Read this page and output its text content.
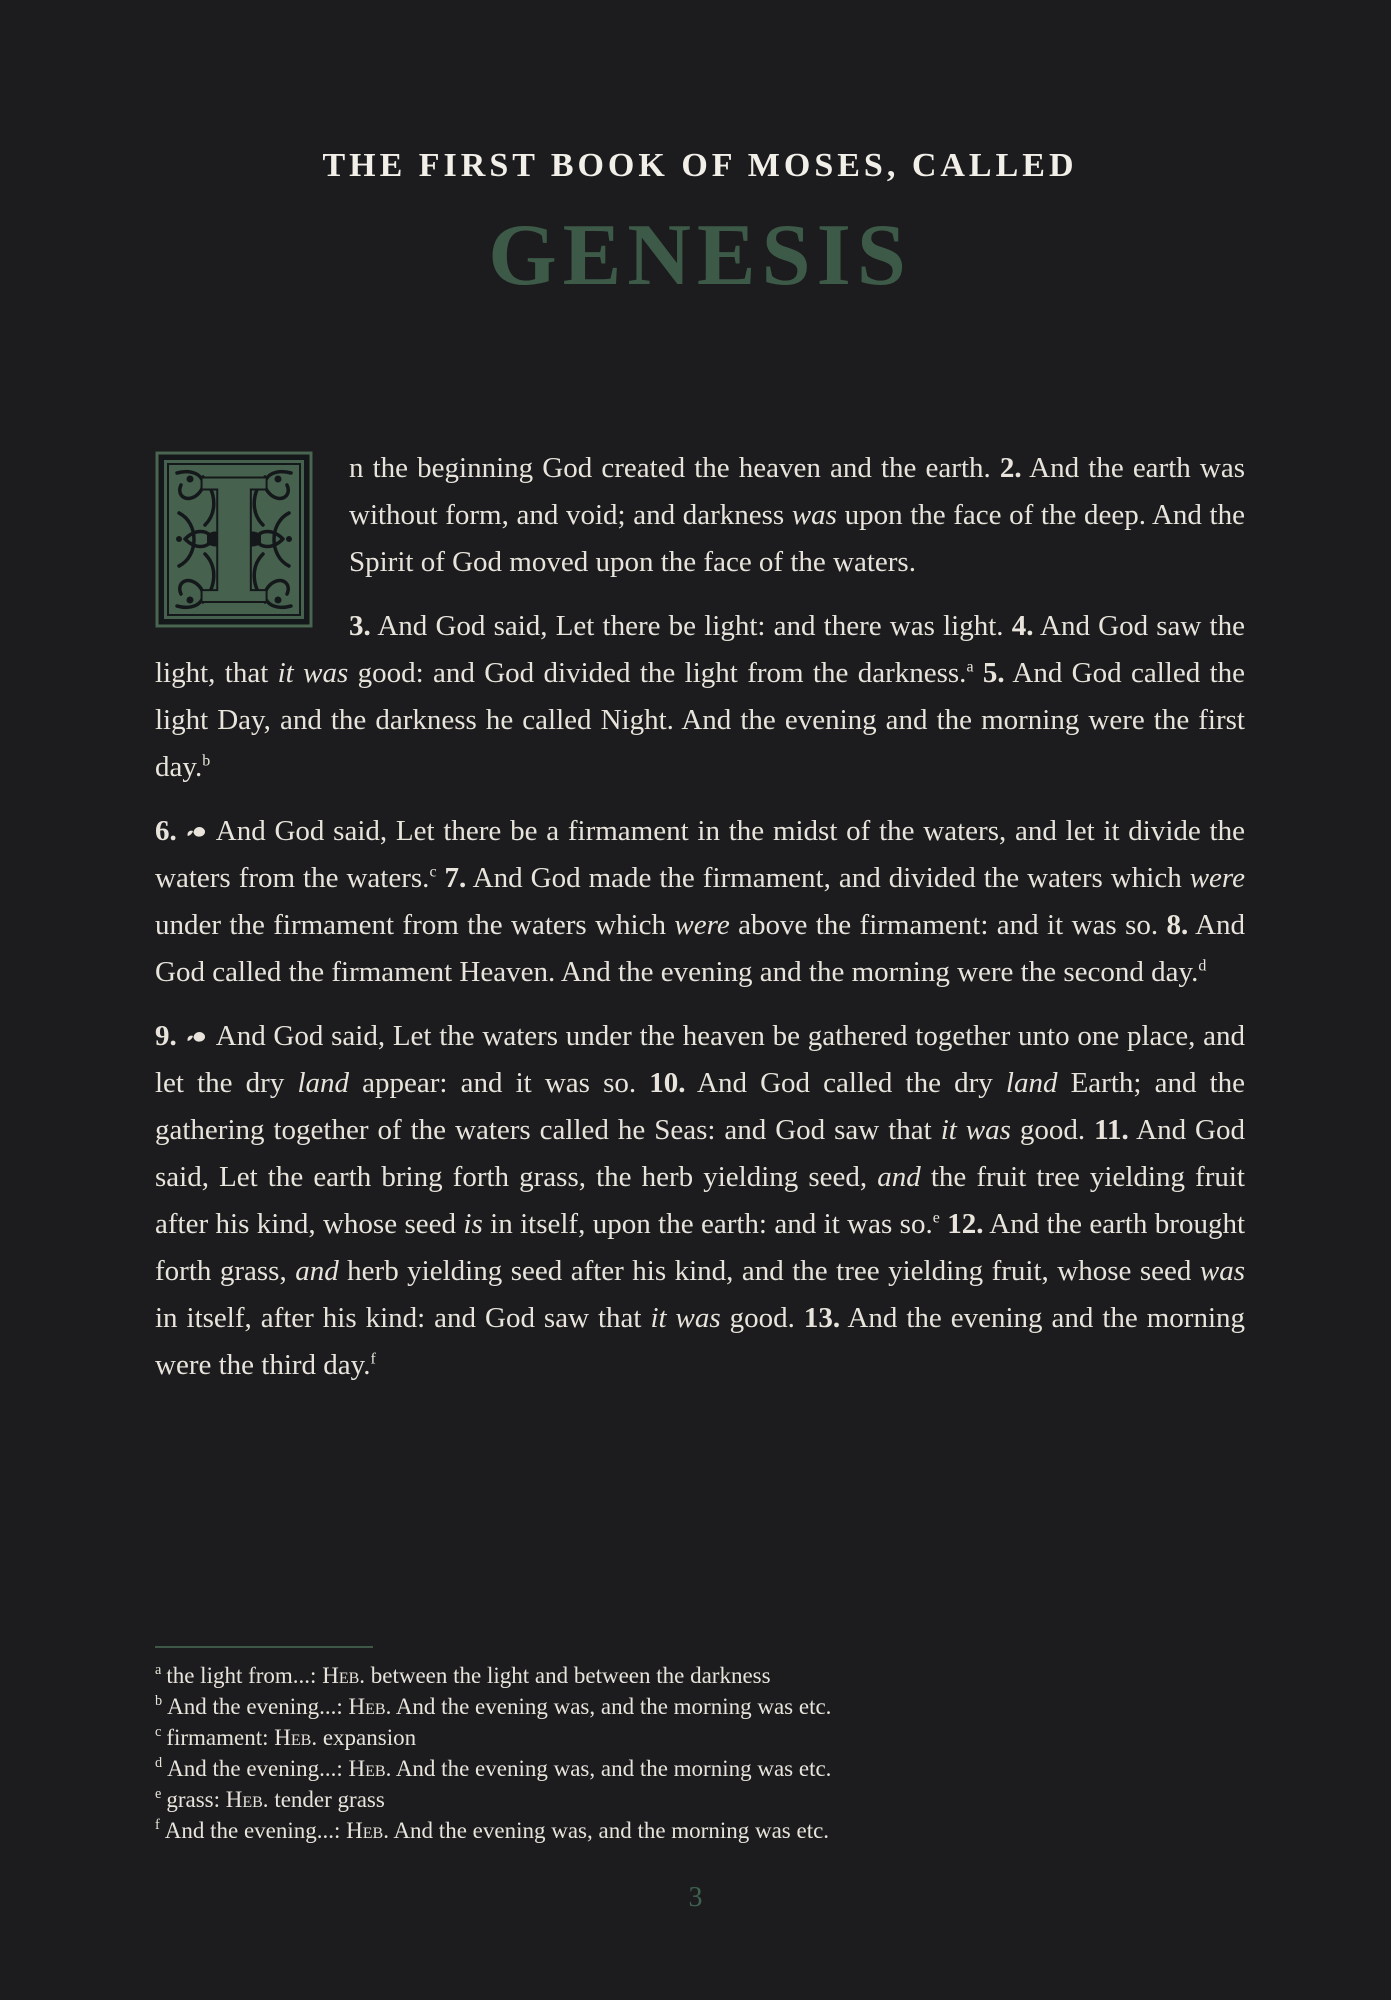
THE FIRST BOOK OF MOSES, CALLED
GENESIS

I	n the beginning God created the heaven and the earth. 2. And the earth was without form, and void; and darkness was upon the face of the deep. And the Spirit of God moved upon the face of the waters.

3. And God said, Let there be light: and there was light. 4. And God saw the light, that it was good: and God divided the light from the darkness.$^a$ 5. And God called the light Day, and the darkness he called Night. And the evening and the morning were the first day.$^b$

6. And God said, Let there be a firmament in the midst of the waters, and let it divide the waters from the waters.$^c$ 7. And God made the firmament, and divided the waters which were under the firmament from the waters which were above the firmament: and it was so. 8. And God called the firmament Heaven. And the evening and the morning were the second day.$^d$

9. And God said, Let the waters under the heaven be gathered together unto one place, and let the dry land appear: and it was so. 10. And God called the dry land Earth; and the gathering together of the waters called he Seas: and God saw that it was good. 11. And God said, Let the earth bring forth grass, the herb yielding seed, and the fruit tree yielding fruit after his kind, whose seed is in itself, upon the earth: and it was so.$^e$ 12. And the earth brought forth grass, and herb yielding seed after his kind, and the tree yielding fruit, whose seed was in itself, after his kind: and God saw that it was good. 13. And the evening and the morning were the third day.$^f$

$^a$ the light from...: Heb. between the light and between the darkness
$^b$ And the evening...: Heb. And the evening was, and the morning was etc.
$^c$ firmament: Heb. expansion
$^d$ And the evening...: Heb. And the evening was, and the morning was etc.
$^e$ grass: Heb. tender grass
$^f$ And the evening...: Heb. And the evening was, and the morning was etc.
3
